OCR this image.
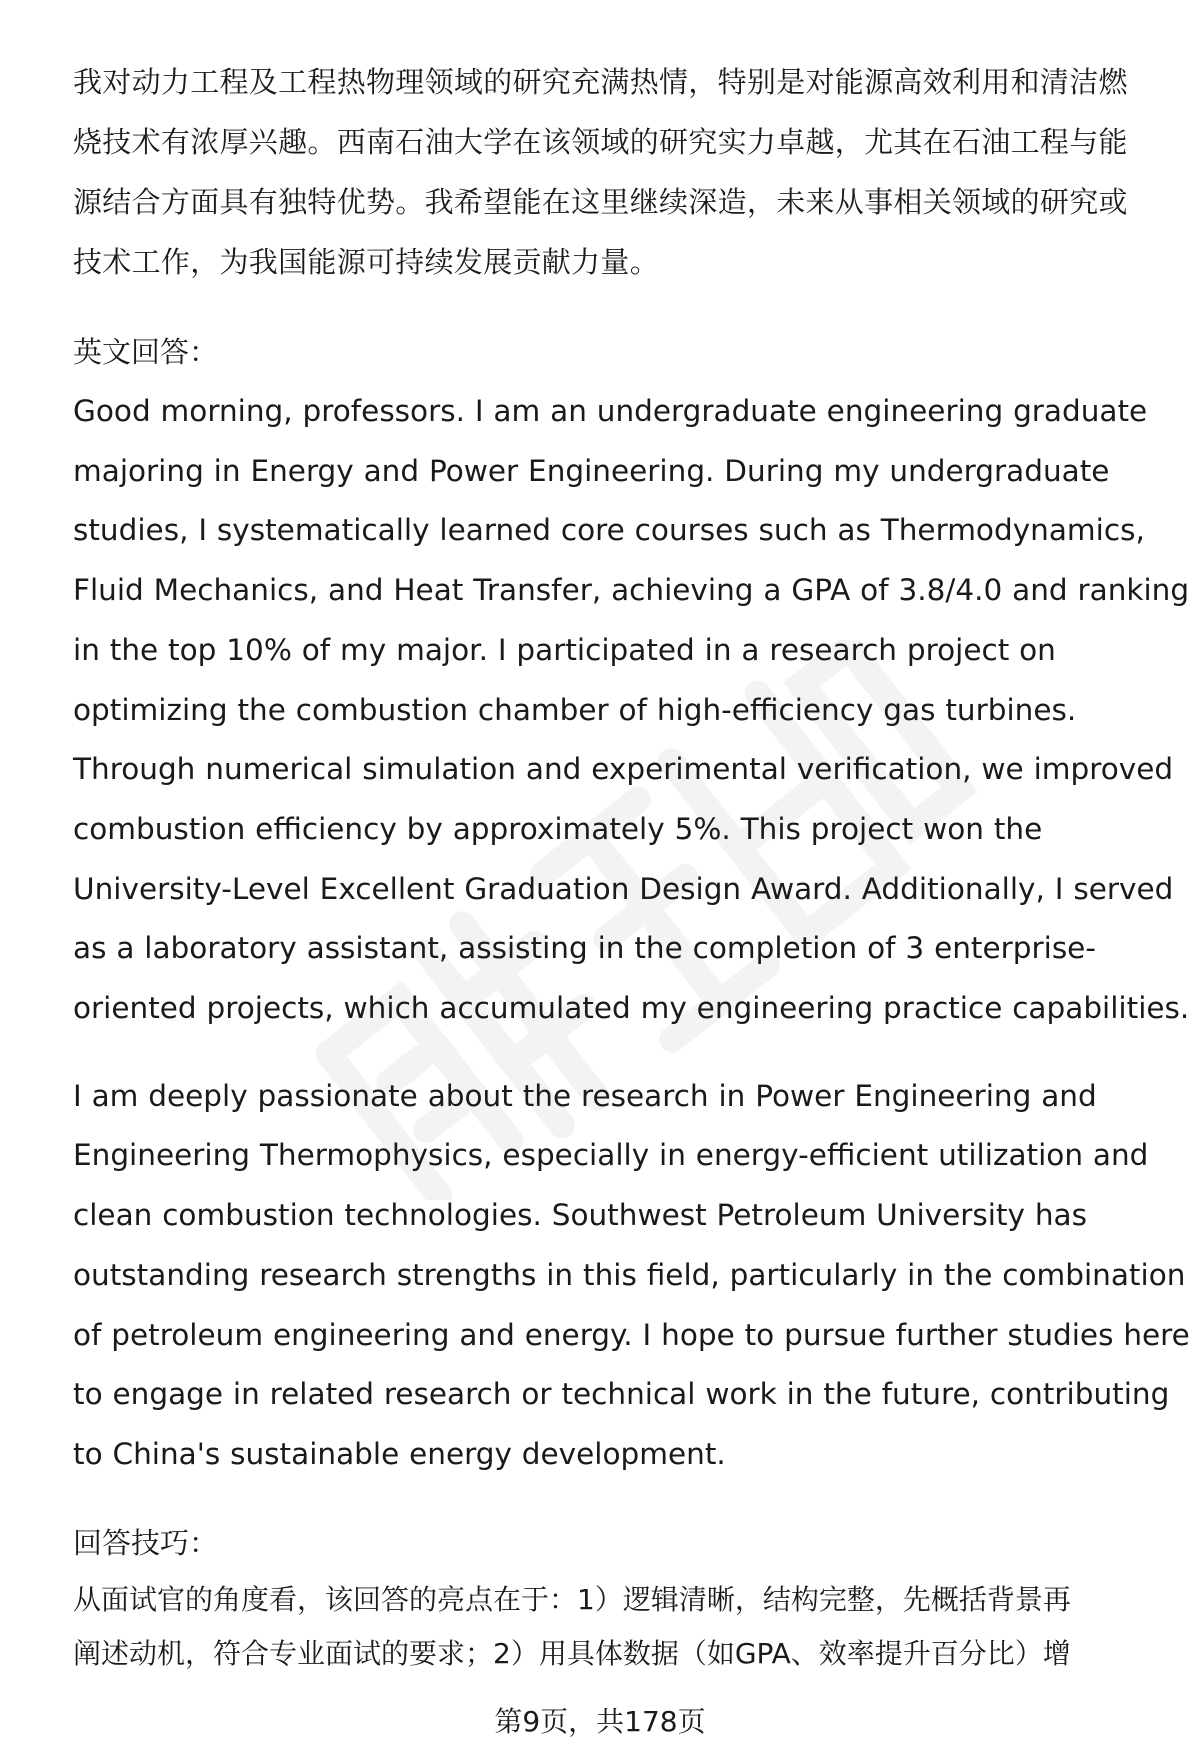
我对动力工程及工程热物理领域的研究充满热情，特别是对能源高效利用和清洁燃
烧技术有浓厚兴趣。西南石油大学在该领域的研究实力卓越，尤其在石油工程与能
源结合方面具有独特优势。我希望能在这里继续深造，未来从事相关领域的研究或
技术工作，为我国能源可持续发展贡献力量。

英文回答：

Good morning, professors. I am an undergraduate engineering graduate
majoring in Energy and Power Engineering. During my undergraduate
studies, I systematically learned core courses such as Thermodynamics,
Fluid Mechanics, and Heat Transfer, achieving a GPA of 3.8/4.0 and ranking
in the top 10% of my major. I participated in a research project on
optimizing the combustion chamber of high-efficiency gas turbines.
Through numerical simulation and experimental verification, we improved
combustion efficiency by approximately 5%. This project won the
University-Level Excellent Graduation Design Award. Additionally, I served
as a laboratory assistant, assisting in the completion of 3 enterprise-
oriented projects, which accumulated my engineering practice capabilities.

I am deeply passionate about the research in Power Engineering and
Engineering Thermophysics, especially in energy-efficient utilization and
clean combustion technologies. Southwest Petroleum University has
outstanding research strengths in this field, particularly in the combination
of petroleum engineering and energy. I hope to pursue further studies here
to engage in related research or technical work in the future, contributing
to China's sustainable energy development.

回答技巧：

从面试官的角度看，该回答的亮点在于：1）逻辑清晰，结构完整，先概括背景再
阐述动机，符合专业面试的要求；2）用具体数据（如GPA、效率提升百分比）增

第9页，共178页
